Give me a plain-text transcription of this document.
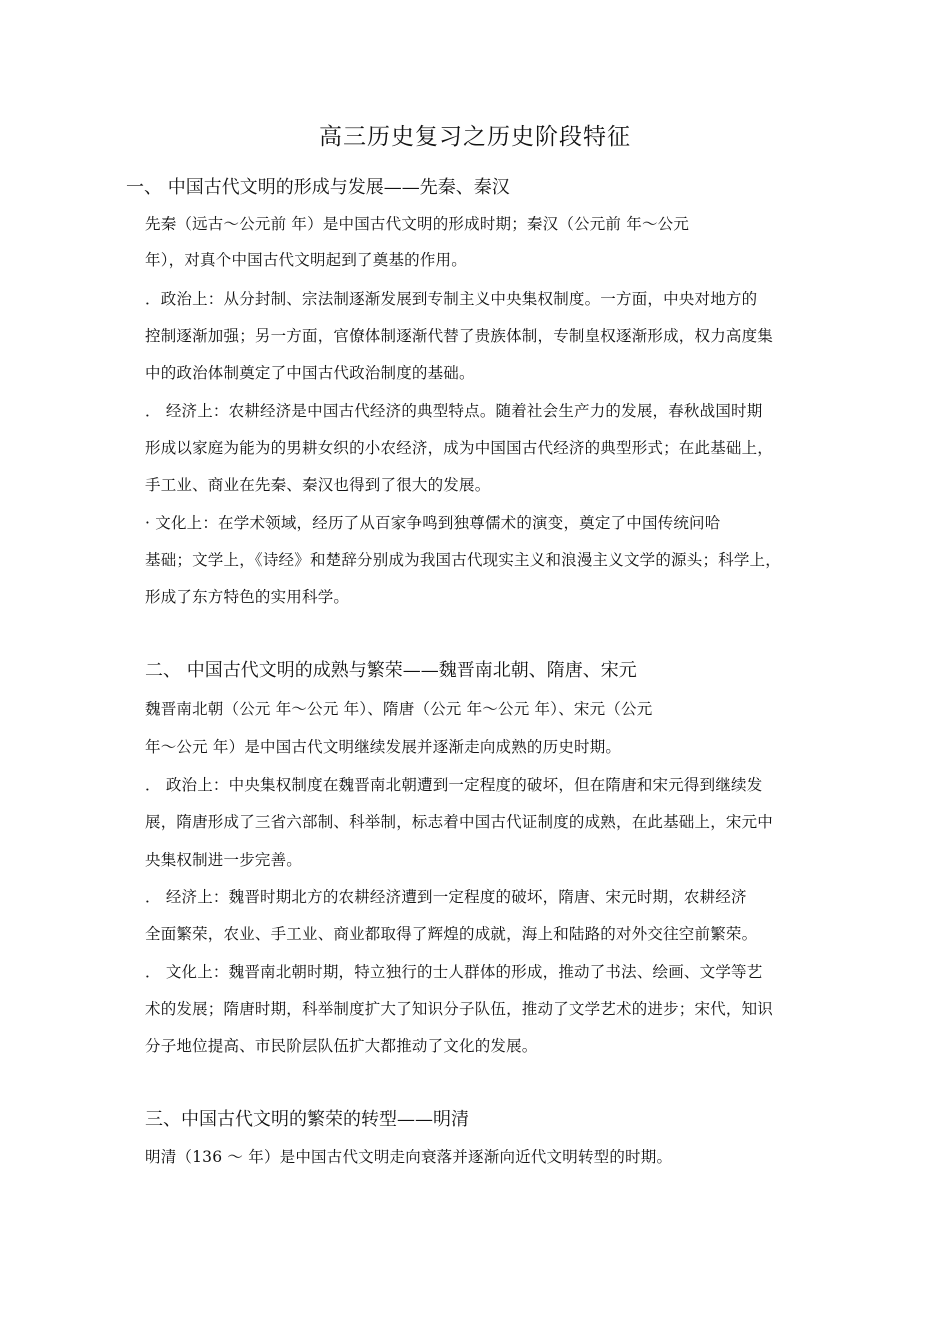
高三历史复习之历史阶段特征
一、 中国古代文明的形成与发展——先秦、秦汉
先秦（远古～公元前 年）是中国古代文明的形成时期；秦汉（公元前 年～公元
年），对真个中国古代文明起到了奠基的作用。
．政治上：从分封制、宗法制逐渐发展到专制主义中央集权制度。一方面，中央对地方的
控制逐渐加强；另一方面，官僚体制逐渐代替了贵族体制，专制皇权逐渐形成，权力高度集
中的政治体制奠定了中国古代政治制度的基础。
． 经济上：农耕经济是中国古代经济的典型特点。随着社会生产力的发展，春秋战国时期
形成以家庭为能为的男耕女织的小农经济，成为中国国古代经济的典型形式；在此基础上，
手工业、商业在先秦、秦汉也得到了很大的发展。
· 文化上：在学术领域，经历了从百家争鸣到独尊儒术的演变，奠定了中国传统问哈
基础；文学上，《诗经》和楚辞分别成为我国古代现实主义和浪漫主义文学的源头；科学上，
形成了东方特色的实用科学。
二、 中国古代文明的成熟与繁荣——魏晋南北朝、隋唐、宋元
魏晋南北朝（公元 年～公元 年）、隋唐（公元 年～公元 年）、宋元（公元
年～公元 年）是中国古代文明继续发展并逐渐走向成熟的历史时期。
． 政治上：中央集权制度在魏晋南北朝遭到一定程度的破坏，但在隋唐和宋元得到继续发
展，隋唐形成了三省六部制、科举制，标志着中国古代证制度的成熟，在此基础上，宋元中
央集权制进一步完善。
． 经济上：魏晋时期北方的农耕经济遭到一定程度的破坏，隋唐、宋元时期，农耕经济
全面繁荣，农业、手工业、商业都取得了辉煌的成就，海上和陆路的对外交往空前繁荣。
． 文化上：魏晋南北朝时期，特立独行的士人群体的形成，推动了书法、绘画、文学等艺
术的发展；隋唐时期，科举制度扩大了知识分子队伍，推动了文学艺术的进步；宋代，知识
分子地位提高、市民阶层队伍扩大都推动了文化的发展。
三、中国古代文明的繁荣的转型——明清
明清（136 ～ 年）是中国古代文明走向衰落并逐渐向近代文明转型的时期。
